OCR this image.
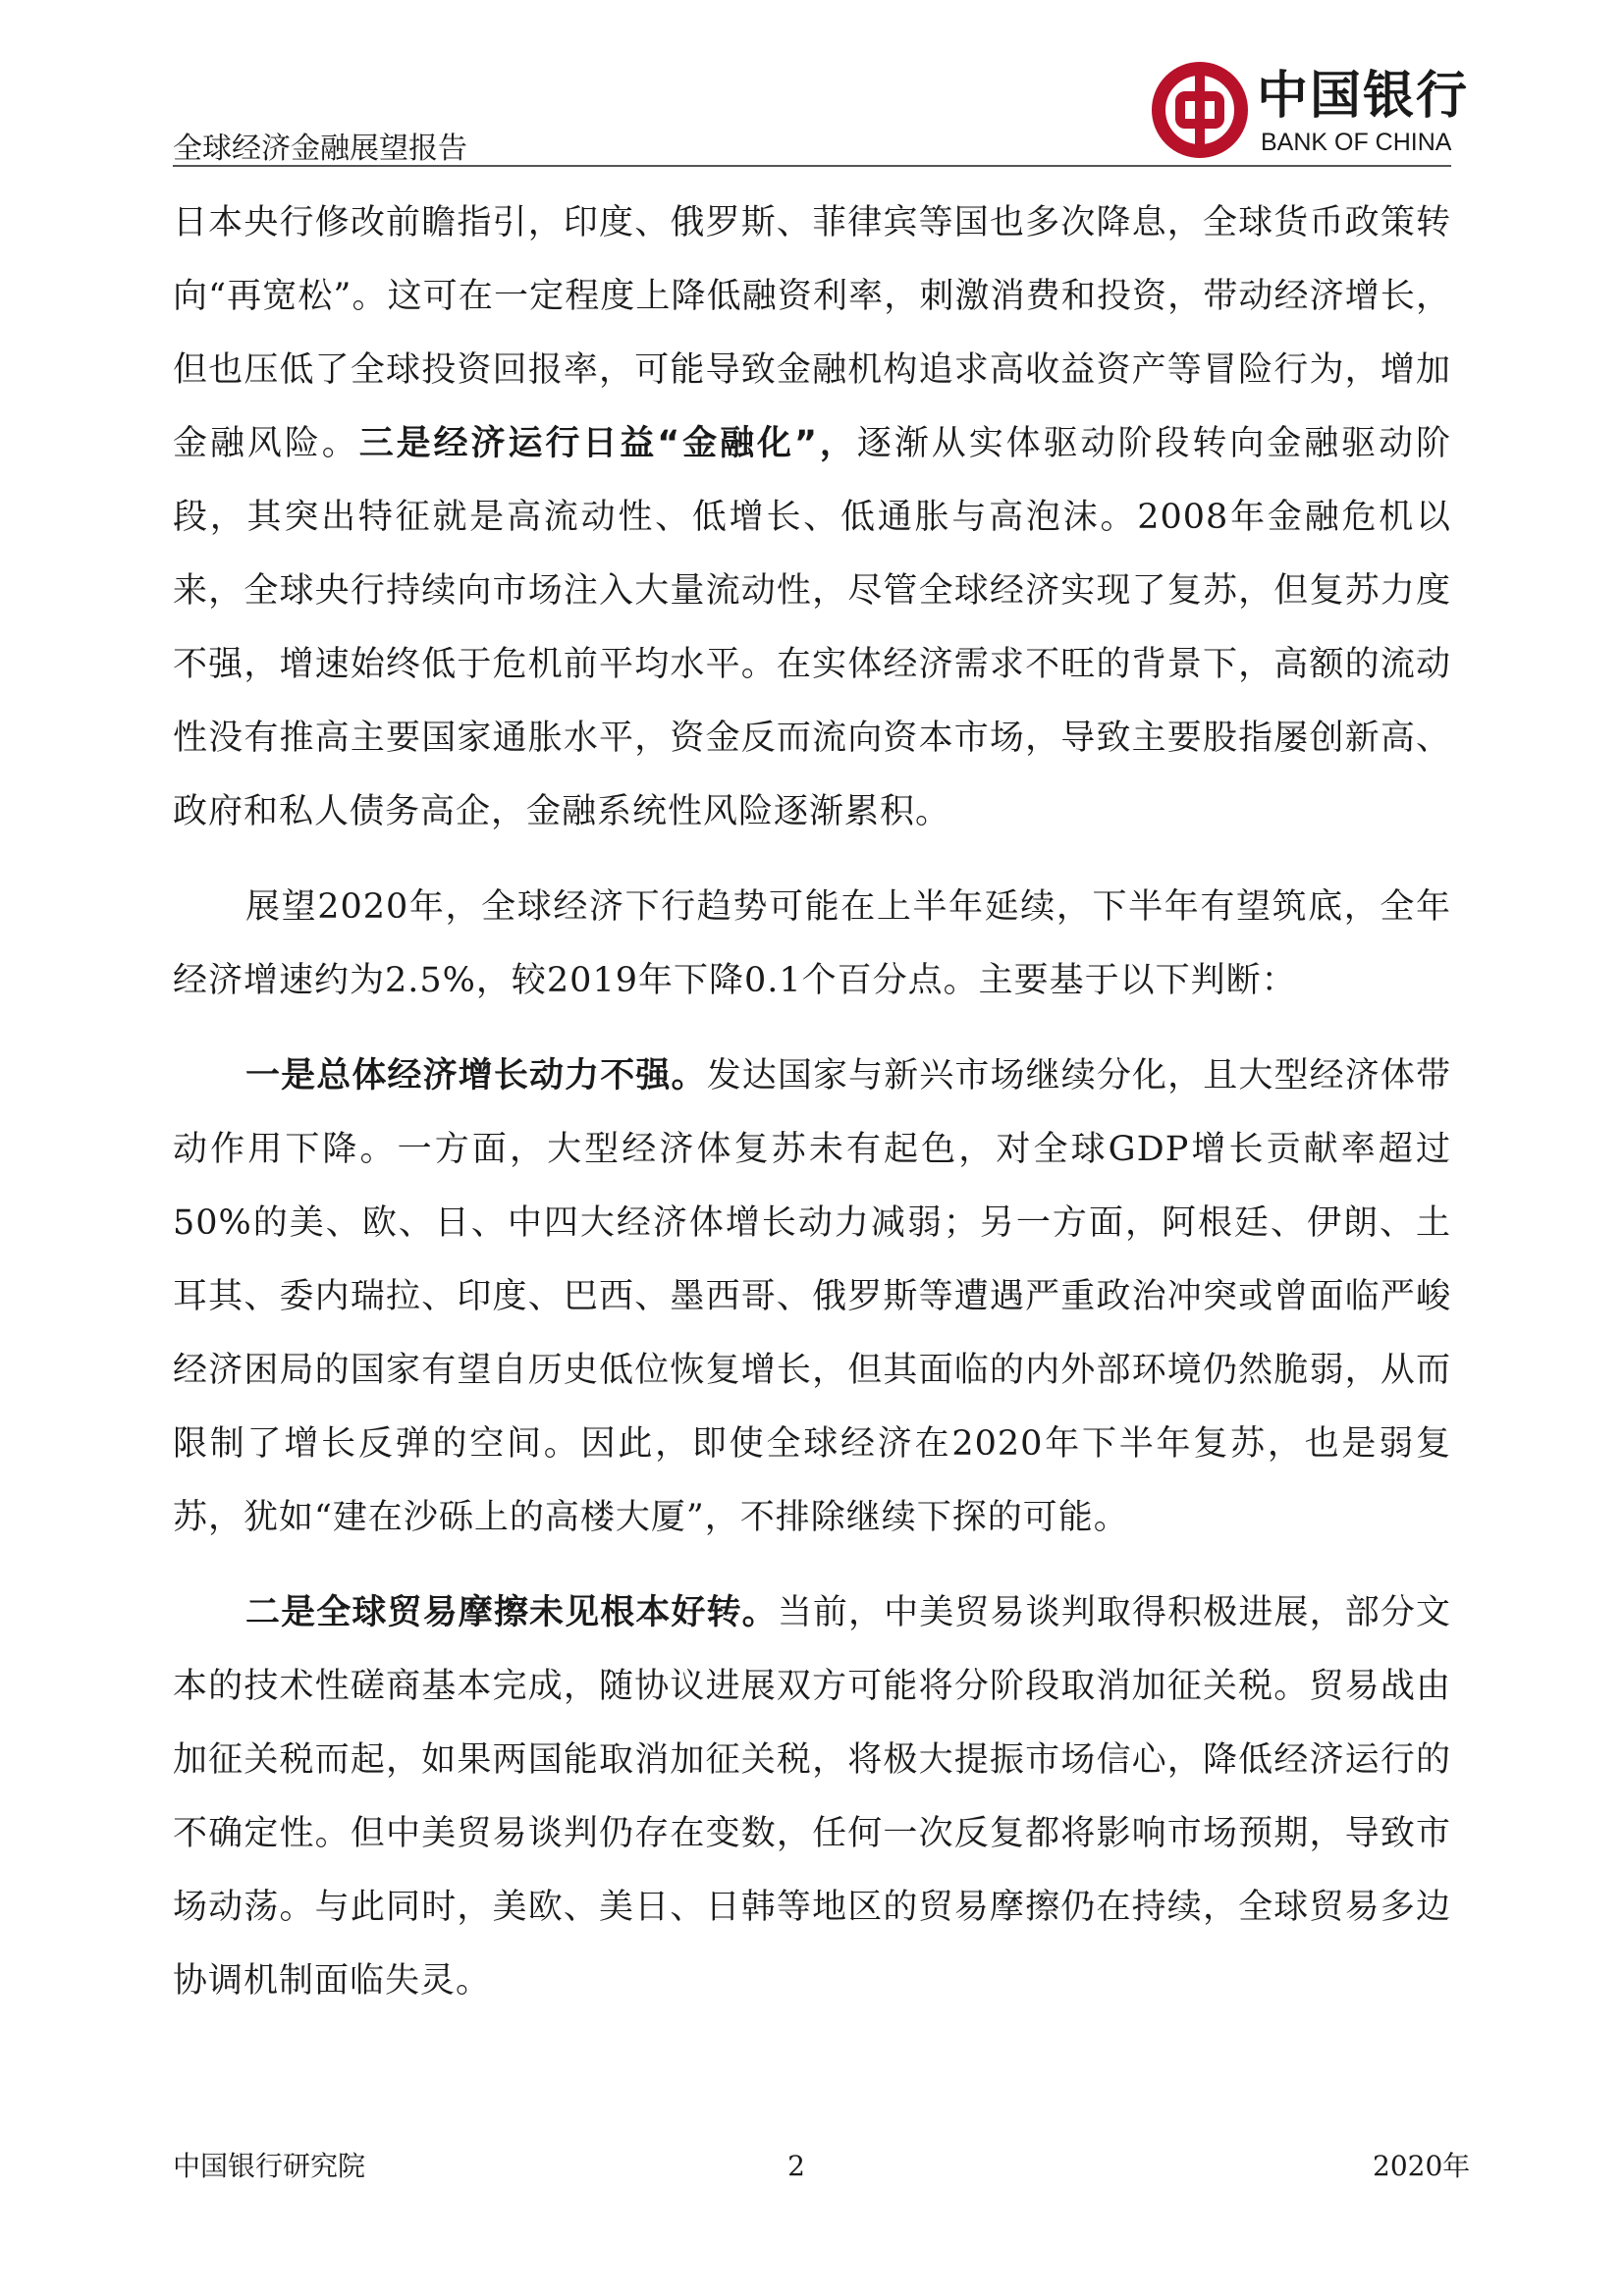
全球经济金融展望报告
中国银行
BANK OF CHINA

日本央行修改前瞻指引，印度、俄罗斯、菲律宾等国也多次降息，全球货币政策转向“再宽松”。这可在一定程度上降低融资利率，刺激消费和投资，带动经济增长，但也压低了全球投资回报率，可能导致金融机构追求高收益资产等冒险行为，增加金融风险。三是经济运行日益“金融化”，逐渐从实体驱动阶段转向金融驱动阶段，其突出特征就是高流动性、低增长、低通胀与高泡沫。2008年金融危机以来，全球央行持续向市场注入大量流动性，尽管全球经济实现了复苏，但复苏力度不强，增速始终低于危机前平均水平。在实体经济需求不旺的背景下，高额的流动性没有推高主要国家通胀水平，资金反而流向资本市场，导致主要股指屡创新高、政府和私人债务高企，金融系统性风险逐渐累积。

展望2020年，全球经济下行趋势可能在上半年延续，下半年有望筑底，全年经济增速约为2.5%，较2019年下降0.1个百分点。主要基于以下判断：

一是总体经济增长动力不强。发达国家与新兴市场继续分化，且大型经济体带动作用下降。一方面，大型经济体复苏未有起色，对全球GDP增长贡献率超过50%的美、欧、日、中四大经济体增长动力减弱；另一方面，阿根廷、伊朗、土耳其、委内瑞拉、印度、巴西、墨西哥、俄罗斯等遭遇严重政治冲突或曾面临严峻经济困局的国家有望自历史低位恢复增长，但其面临的内外部环境仍然脆弱，从而限制了增长反弹的空间。因此，即使全球经济在2020年下半年复苏，也是弱复苏，犹如“建在沙砾上的高楼大厦”，不排除继续下探的可能。

二是全球贸易摩擦未见根本好转。当前，中美贸易谈判取得积极进展，部分文本的技术性磋商基本完成，随协议进展双方可能将分阶段取消加征关税。贸易战由加征关税而起，如果两国能取消加征关税，将极大提振市场信心，降低经济运行的不确定性。但中美贸易谈判仍存在变数，任何一次反复都将影响市场预期，导致市场动荡。与此同时，美欧、美日、日韩等地区的贸易摩擦仍在持续，全球贸易多边协调机制面临失灵。

中国银行研究院	2	2020年
